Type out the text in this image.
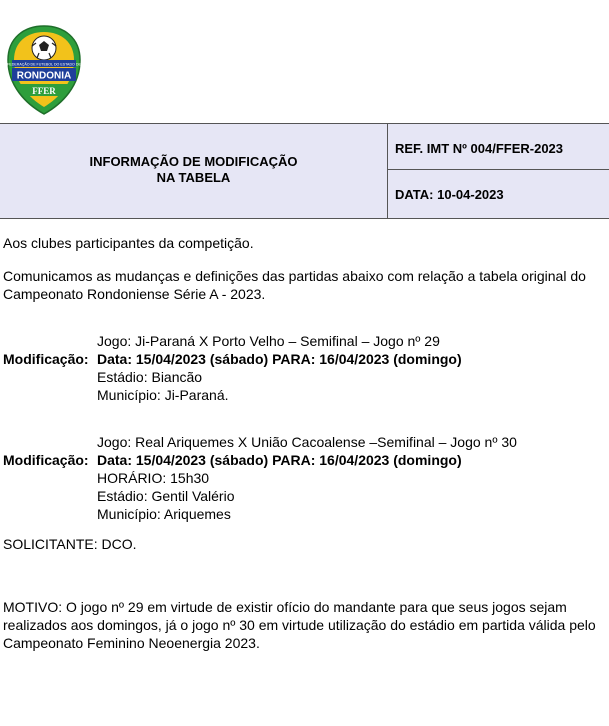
FEDERAÇÃO DE FUTEBOL DO ESTADO DE
RONDONIA
FFER
INFORMAÇÃO DE MODIFICAÇÃO
NA TABELA
REF. IMT Nº 004/FFER-2023
DATA: 10-04-2023
Aos clubes participantes da competição.
Comunicamos as mudanças e definições das partidas abaixo com relação a tabela original do Campeonato Rondoniense Série A - 2023.
Jogo: Ji-Paraná X Porto Velho – Semifinal – Jogo nº 29
Modificação: Data: 15/04/2023 (sábado) PARA: 16/04/2023 (domingo)
Estádio: Biancão
Município: Ji-Paraná.
Jogo: Real Ariquemes X União Cacoalense –Semifinal – Jogo nº 30
Modificação: Data: 15/04/2023 (sábado) PARA: 16/04/2023 (domingo)
HORÁRIO: 15h30
Estádio: Gentil Valério
Município: Ariquemes
SOLICITANTE: DCO.
MOTIVO: O jogo nº 29 em virtude de existir ofício do mandante para que seus jogos sejam realizados aos domingos, já o jogo nº 30 em virtude utilização do estádio em partida válida pelo Campeonato Feminino Neoenergia 2023.
